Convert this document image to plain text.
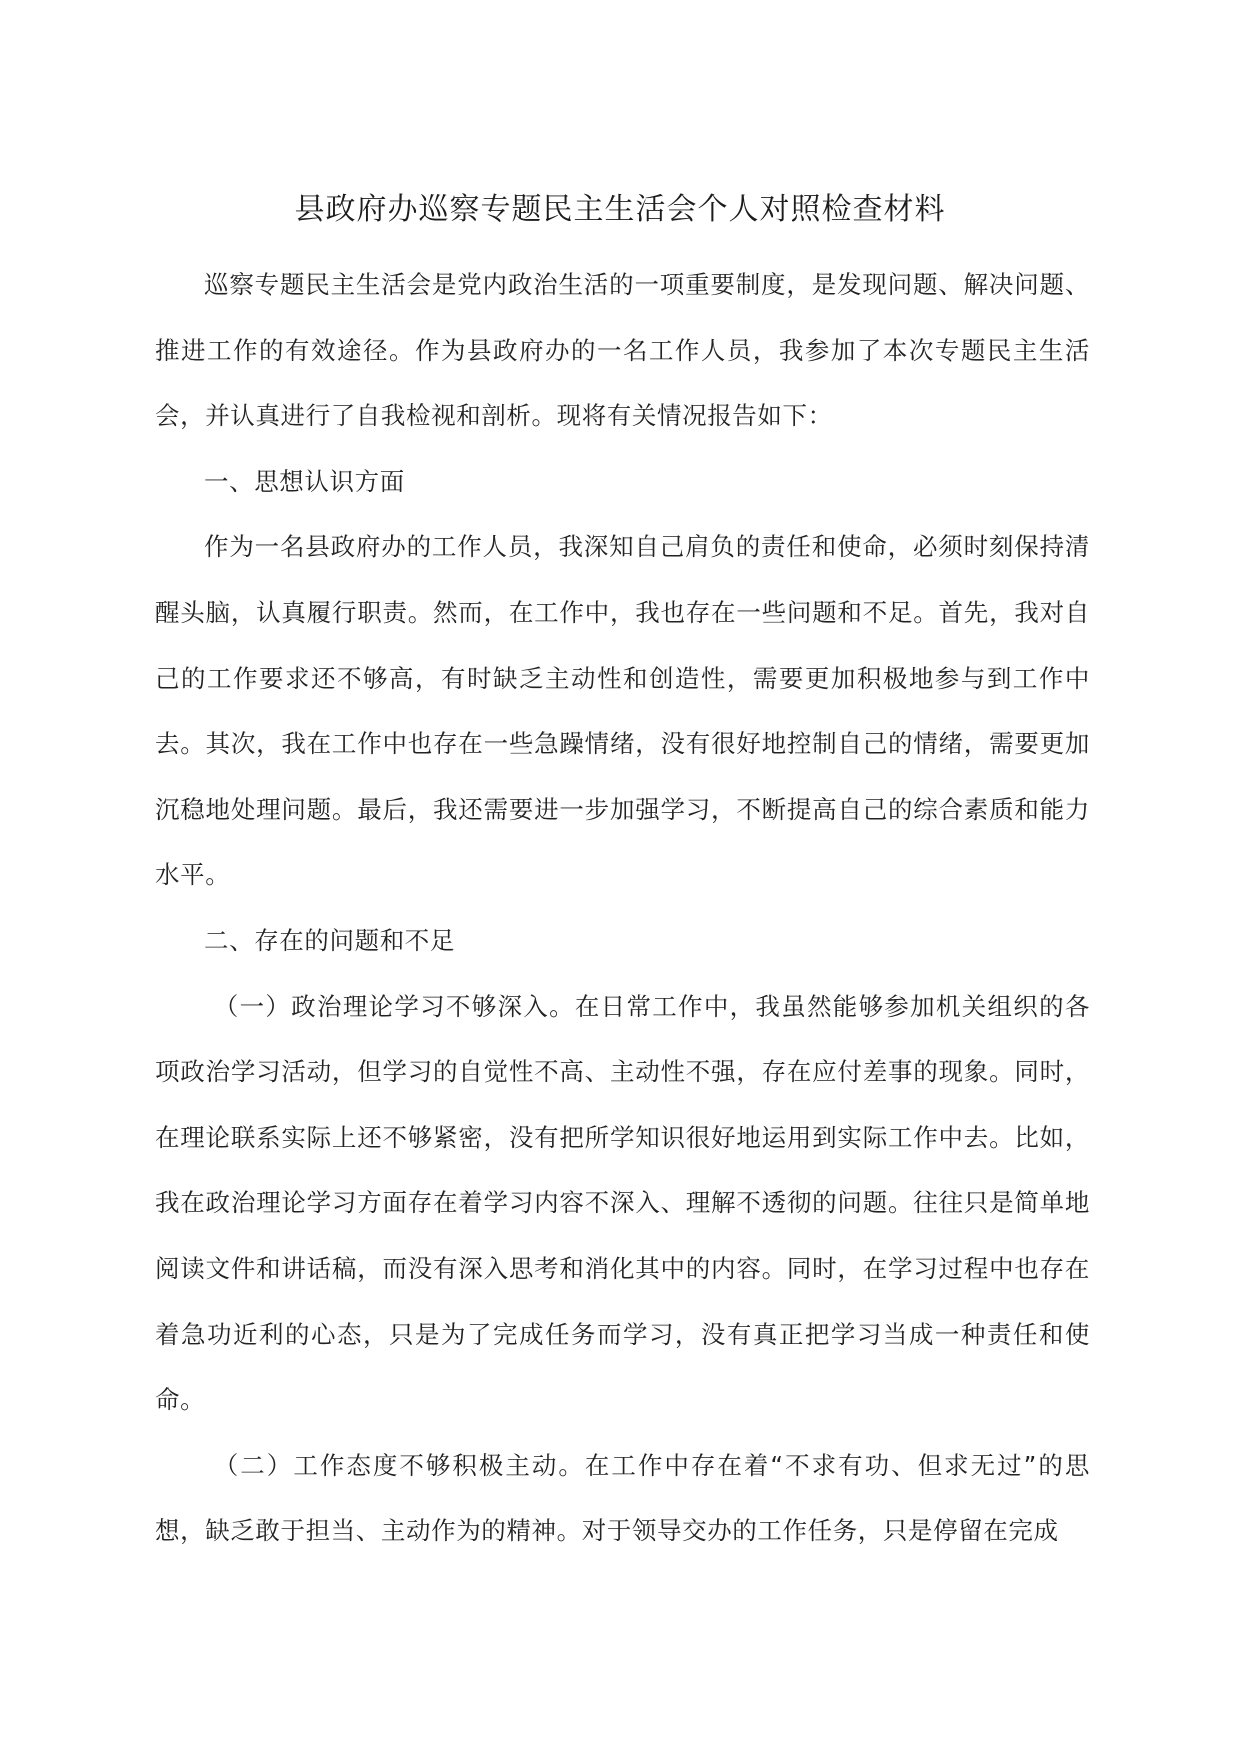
县政府办巡察专题民主生活会个人对照检查材料

巡察专题民主生活会是党内政治生活的一项重要制度，是发现问题、解决问题、推进工作的有效途径。作为县政府办的一名工作人员，我参加了本次专题民主生活会，并认真进行了自我检视和剖析。现将有关情况报告如下：

一、思想认识方面

作为一名县政府办的工作人员，我深知自己肩负的责任和使命，必须时刻保持清醒头脑，认真履行职责。然而，在工作中，我也存在一些问题和不足。首先，我对自己的工作要求还不够高，有时缺乏主动性和创造性，需要更加积极地参与到工作中去。其次，我在工作中也存在一些急躁情绪，没有很好地控制自己的情绪，需要更加沉稳地处理问题。最后，我还需要进一步加强学习，不断提高自己的综合素质和能力水平。

二、存在的问题和不足

（一）政治理论学习不够深入。在日常工作中，我虽然能够参加机关组织的各项政治学习活动，但学习的自觉性不高、主动性不强，存在应付差事的现象。同时，在理论联系实际上还不够紧密，没有把所学知识很好地运用到实际工作中去。比如，我在政治理论学习方面存在着学习内容不深入、理解不透彻的问题。往往只是简单地阅读文件和讲话稿，而没有深入思考和消化其中的内容。同时，在学习过程中也存在着急功近利的心态，只是为了完成任务而学习，没有真正把学习当成一种责任和使命。

（二）工作态度不够积极主动。在工作中存在着“不求有功、但求无过”的思想，缺乏敢于担当、主动作为的精神。对于领导交办的工作任务，只是停留在完成
